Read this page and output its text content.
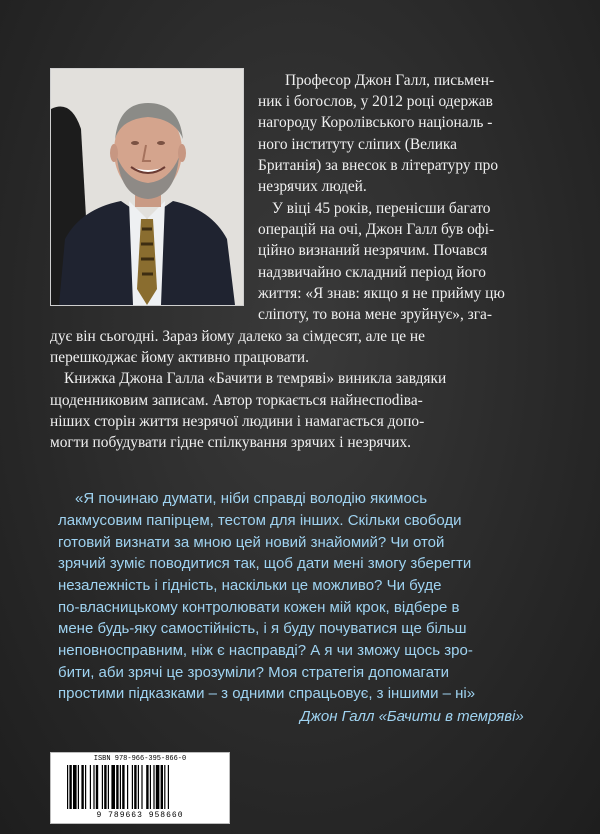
Професор Джон Галл, письмен-
ник і богослов, у 2012 році одержав
нагороду Королівського національ -
ного інституту сліпих (Велика
Британія) за внесок в літературу про
незрячих людей.
У віці 45 років, перенісши багато
операцій на очі, Джон Галл був офі-
ційно визнаний незрячим. Почався
надзвичайно складний період його
життя: «Я знав: якщо я не прийму цю
сліпоту, то вона мене зруйнує», зга-
дує він сьогодні. Зараз йому далеко за сімдесят, але це не
перешкоджає йому активно працювати.
Книжка Джона Галла «Бачити в темряві» виникла завдяки
щоденниковим записам. Автор торкається найнеспodiва-
ніших сторін життя незрячої людини і намагається допо-
могти побудувати гідне спілкування зрячих і незрячих.
«Я починаю думати, ніби справді володію якимось
лакмусовим папірцем, тестом для інших. Скільки свободи
готовий визнати за мною цей новий знайомий? Чи отой
зрячий зуміє поводитися так, щоб дати мені змогу зберегти
незалежність і гідність, наскільки це можливо? Чи буде
по-власницькому контролювати кожен мій крок, відбере в
мене будь-яку самостійність, і я буду почуватися ще більш
неповносправним, ніж є насправді? А я чи зможу щось зро-
бити, аби зрячі це зрозуміли? Моя стратегія допомагати
простими підказками – з одними спрацьовує, з іншими – ні»
Джон Галл «Бачити в темряві»
ISBN 978-966-395-866-0
9 789663 958660
